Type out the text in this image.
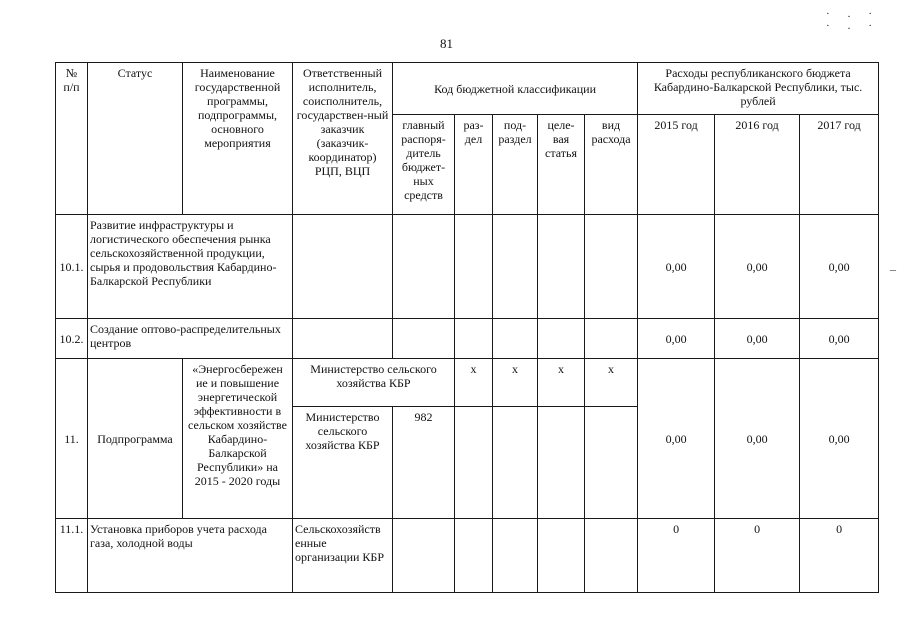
·.· ·.·
81
–
№
п/п	Статус	Наименование государственной программы, подпрограммы, основного мероприятия	Ответственный исполнитель, соисполнитель, государствен-ный заказчик (заказчик-координатор) РЦП, ВЦП	Код бюджетной классификации					Расходы республиканского бюджета Кабардино-Балкарской Республики, тыс. рублей		
				главный распоря-дитель бюджет-ных средств	раз-дел	под-раздел	целе-вая статья	вид расхода	2015 год	2016 год	2017 год
10.1.	Развитие инфраструктуры и логистического обеспечения рынка сельскохозяйственной продукции, сырья и продовольствия Кабардино-Балкарской Республики								0,00	0,00	0,00
10.2.	Создание оптово-распределительных центров								0,00	0,00	0,00
11.	Подпрограмма	«Энергосбережен ие и повышение энергетической эффективности в сельском хозяйстве Кабардино-Балкарской Республики» на 2015 - 2020 годы	Министерство сельского хозяйства КБР		х	х	х	х	0,00	0,00	0,00
			Министерство сельского хозяйства КБР	982							
11.1.	Установка приборов учета расхода газа, холодной воды		Сельскохозяйств енные организации КБР						0	0	0
